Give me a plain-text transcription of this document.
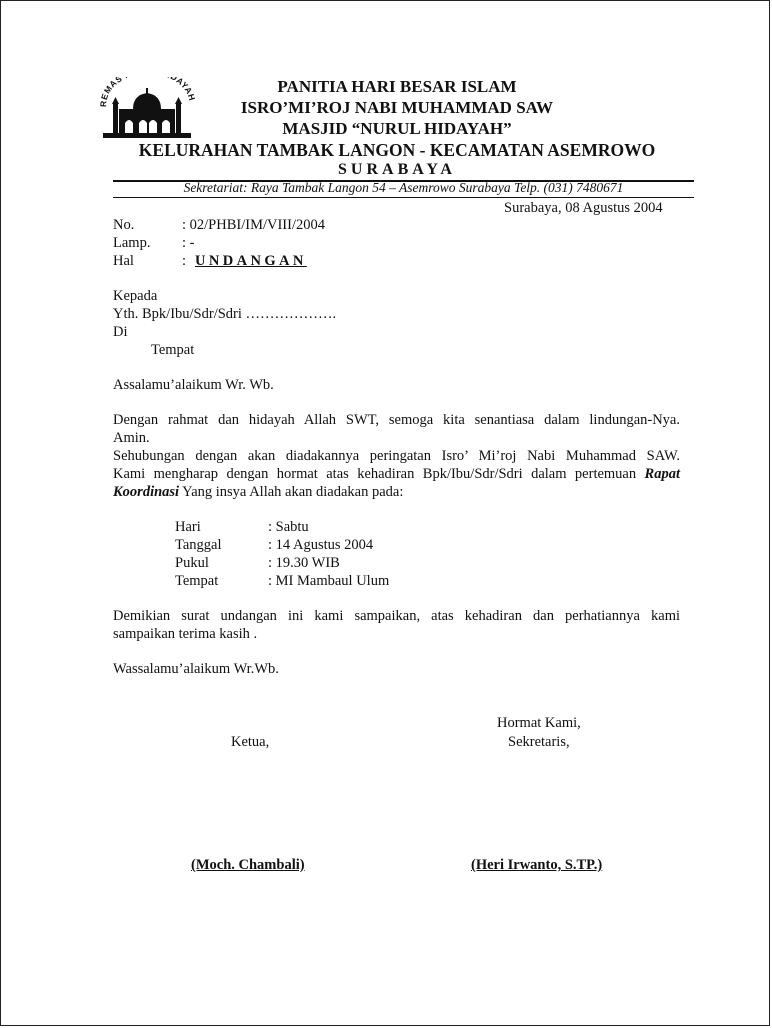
REMAS DAYA	PANITIA HARI BESAR ISLAM
ISRO’MI’ROJ NABI MUHAMMAD SAW
MASJID “NURUL HIDAYAH”
KELURAHAN TAMBAK LANGON - KECAMATAN ASEMROWO
SURABAYA
Sekretariat: Raya Tambak Langon 54 – Asemrowo Surabaya Telp. (031) 7480671
Surabaya, 08 Agustus 2004
No.	: 02/PHBI/IM/VIII/2004
Lamp. : -
Hal	: UNDANGAN
Kepada
Yth. Bpk/Ibu/Sdr/Sdri ……………….
Di
Tempat
Assalamu’alaikum Wr. Wb.
Dengan rahmat dan hidayah Allah SWT, semoga kita senantiasa dalam lindungan-Nya.
Amin.
Sehubungan dengan akan diadakannya peringatan Isro’ Mi’roj Nabi Muhammad SAW.
Kami mengharap dengan hormat atas kehadiran Bpk/Ibu/Sdr/Sdri dalam pertemuan Rapat
Koordinasi Yang insya Allah akan diadakan pada:
Hari	: Sabtu
Tanggal	: 14 Agustus 2004
Pukul	: 19.30 WIB
Tempat	: MI Mambaul Ulum
Demikian surat undangan ini kami sampaikan, atas kehadiran dan perhatiannya kami
sampaikan terima kasih .
Wassalamu’alaikum Wr.Wb.
Hormat Kami,
Ketua,	Sekretaris,
(Moch. Chambali)	(Heri Irwanto, S.TP.)
